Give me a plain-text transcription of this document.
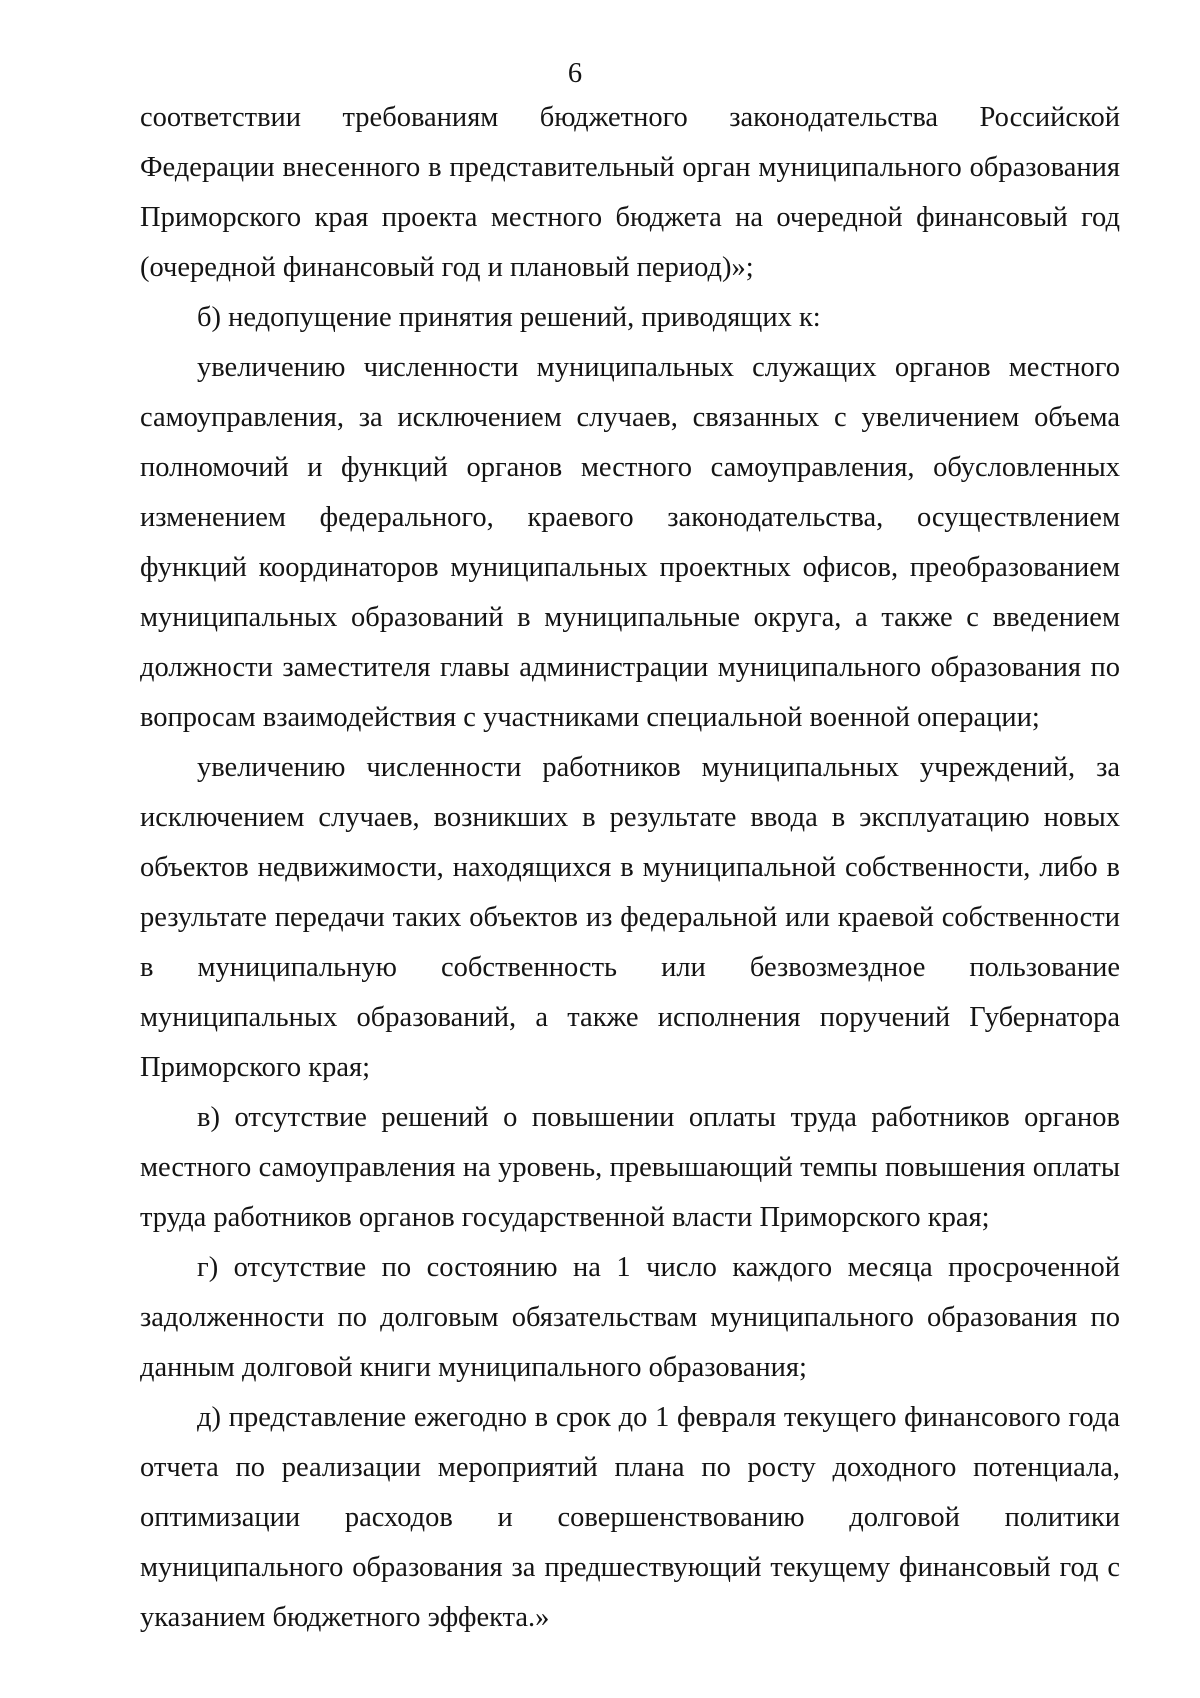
6

соответствии требованиям бюджетного законодательства Российской Федерации внесенного в представительный орган муниципального образования Приморского края проекта местного бюджета на очередной финансовый год (очередной финансовый год и плановый период)»;

б) недопущение принятия решений, приводящих к:

увеличению численности муниципальных служащих органов местного самоуправления, за исключением случаев, связанных с увеличением объема полномочий и функций органов местного самоуправления, обусловленных изменением федерального, краевого законодательства, осуществлением функций координаторов муниципальных проектных офисов, преобразованием муниципальных образований в муниципальные округа, а также с введением должности заместителя главы администрации муниципального образования по вопросам взаимодействия с участниками специальной военной операции;

увеличению численности работников муниципальных учреждений, за исключением случаев, возникших в результате ввода в эксплуатацию новых объектов недвижимости, находящихся в муниципальной собственности, либо в результате передачи таких объектов из федеральной или краевой собственности в муниципальную собственность или безвозмездное пользование муниципальных образований, а также исполнения поручений Губернатора Приморского края;

в) отсутствие решений о повышении оплаты труда работников органов местного самоуправления на уровень, превышающий темпы повышения оплаты труда работников органов государственной власти Приморского края;

г) отсутствие по состоянию на 1 число каждого месяца просроченной задолженности по долговым обязательствам муниципального образования по данным долговой книги муниципального образования;

д) представление ежегодно в срок до 1 февраля текущего финансового года отчета по реализации мероприятий плана по росту доходного потенциала, оптимизации расходов и совершенствованию долговой политики муниципального образования за предшествующий текущему финансовый год с указанием бюджетного эффекта.»
